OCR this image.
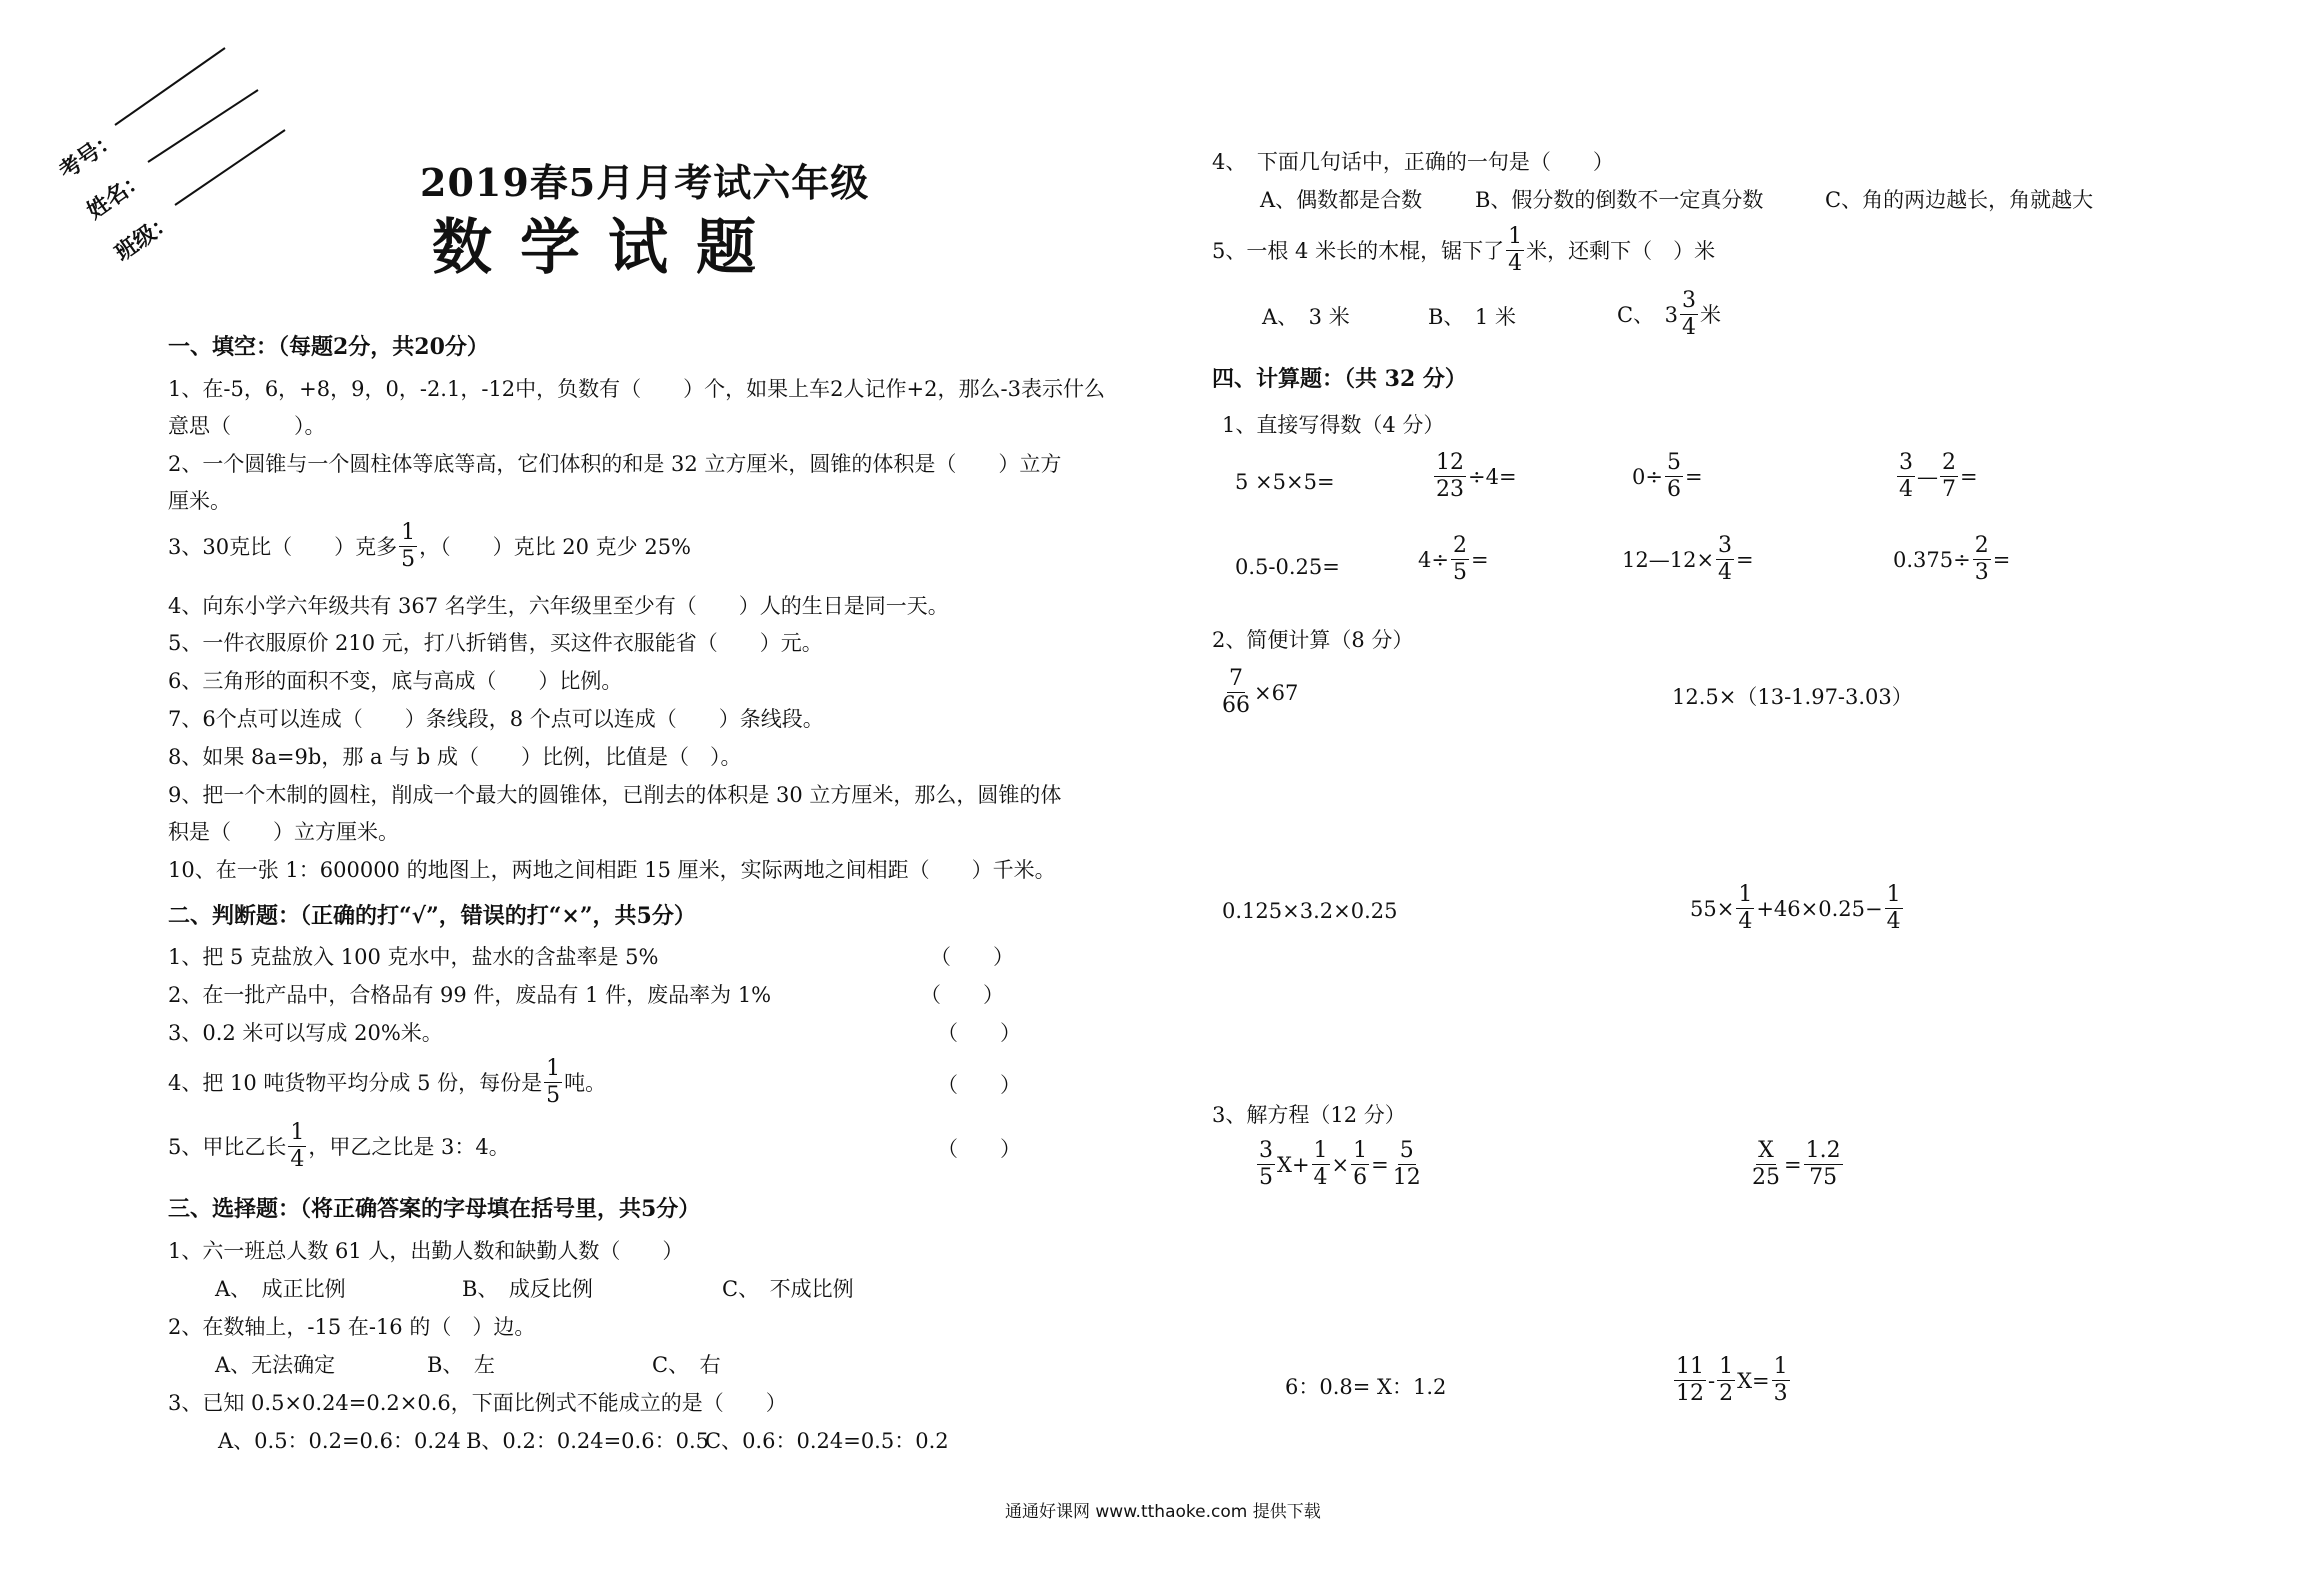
考号：
姓名：
班级：
2019春5月月考试六年级
数学试题
一、填空：（每题2分，共20分）
1、在-5，6，+8，9，0，-2.1，-12中，负数有（　　）个，如果上车2人记作+2，那么-3表示什么
意思（　　　）。
2、一个圆锥与一个圆柱体等底等高，它们体积的和是 32 立方厘米，圆锥的体积是（　　）立方
厘米。
3、30克比（　　）克多 $\frac{1}{5}$ ，（　　）克比 20 克少 25%
4、向东小学六年级共有 367 名学生，六年级里至少有（　　）人的生日是同一天。
5、一件衣服原价 210 元，打八折销售，买这件衣服能省（　　）元。
6、三角形的面积不变，底与高成（　　）比例。
7、6个点可以连成（　　）条线段，8 个点可以连成（　　）条线段。
8、如果 8a=9b，那 a 与 b 成（　　）比例，比值是（　）。
9、把一个木制的圆柱，削成一个最大的圆锥体，已削去的体积是 30 立方厘米，那么，圆锥的体
积是（　　）立方厘米。
10、在一张 1：600000 的地图上，两地之间相距 15 厘米，实际两地之间相距（　　）千米。
二、判断题：（正确的打“√”，错误的打“×”，共5分）
1、把 5 克盐放入 100 克水中，盐水的含盐率是 5%	（　　）
2、在一批产品中，合格品有 99 件，废品有 1 件，废品率为 1%	（　　）
3、0.2 米可以写成 20%米。	（　　）
4、把 10 吨货物平均分成 5 份，每份是 $\frac{1}{5}$ 吨。	（　　）
5、甲比乙长 $\frac{1}{4}$ ，甲乙之比是 3：4。	（　　）
三、选择题：（将正确答案的字母填在括号里，共5分）
1、六一班总人数 61 人，出勤人数和缺勤人数（　　）
A、　成正比例	B、　成反比例	C、　不成比例
2、在数轴上，-15 在-16 的（　）边。
A、无法确定	B、　左	C、　右
3、已知 0.5×0.24=0.2×0.6，下面比例式不能成立的是（　　）
A、0.5：0.2=0.6：0.24 B、0.2：0.24=0.6：0.5
C、0.6：0.24=0.5：0.2
4、　下面几句话中，正确的一句是（　　）
A、偶数都是合数	B、假分数的倒数不一定真分数	C、角的两边越长，角就越大
5、一根 4 米长的木棍，锯下了 $\frac{1}{4}$ 米，还剩下（　）米
A、　3 米	B、　1 米	C、　$3 \frac{3}{4}$ 米
四、计算题：（共 32 分）
1、直接写得数（4 分）
5 ×5×5=	$\frac{12}{23} \div 4=$	$0\div \frac{5}{6}$ =	$\frac{3}{4}$ — $\frac{2}{7}$ =
0.5-0.25=	$4\div \frac{2}{5}$ =	12—12× $\frac{3}{4}$ =	$0.375\div \frac{2}{3}$ =
2、简便计算（8 分）
$\frac{7}{66} \times 67$	12.5×（13-1.97-3.03）
0.125×3.2×0.25	$55\times \frac{1}{4} +46\times 0.25- \frac{1}{4}$
3、解方程（12 分）
$\frac{3}{5} X+ \frac{1}{4} \times \frac{1}{6} = \frac{5}{12}$	$\frac{X}{25} = \frac{1.2}{75}$
6：0.8= X：1.2	$\frac{11}{12} - \frac{1}{2} X= \frac{1}{3}$
通通好课网 www.tthaoke.com 提供下载
